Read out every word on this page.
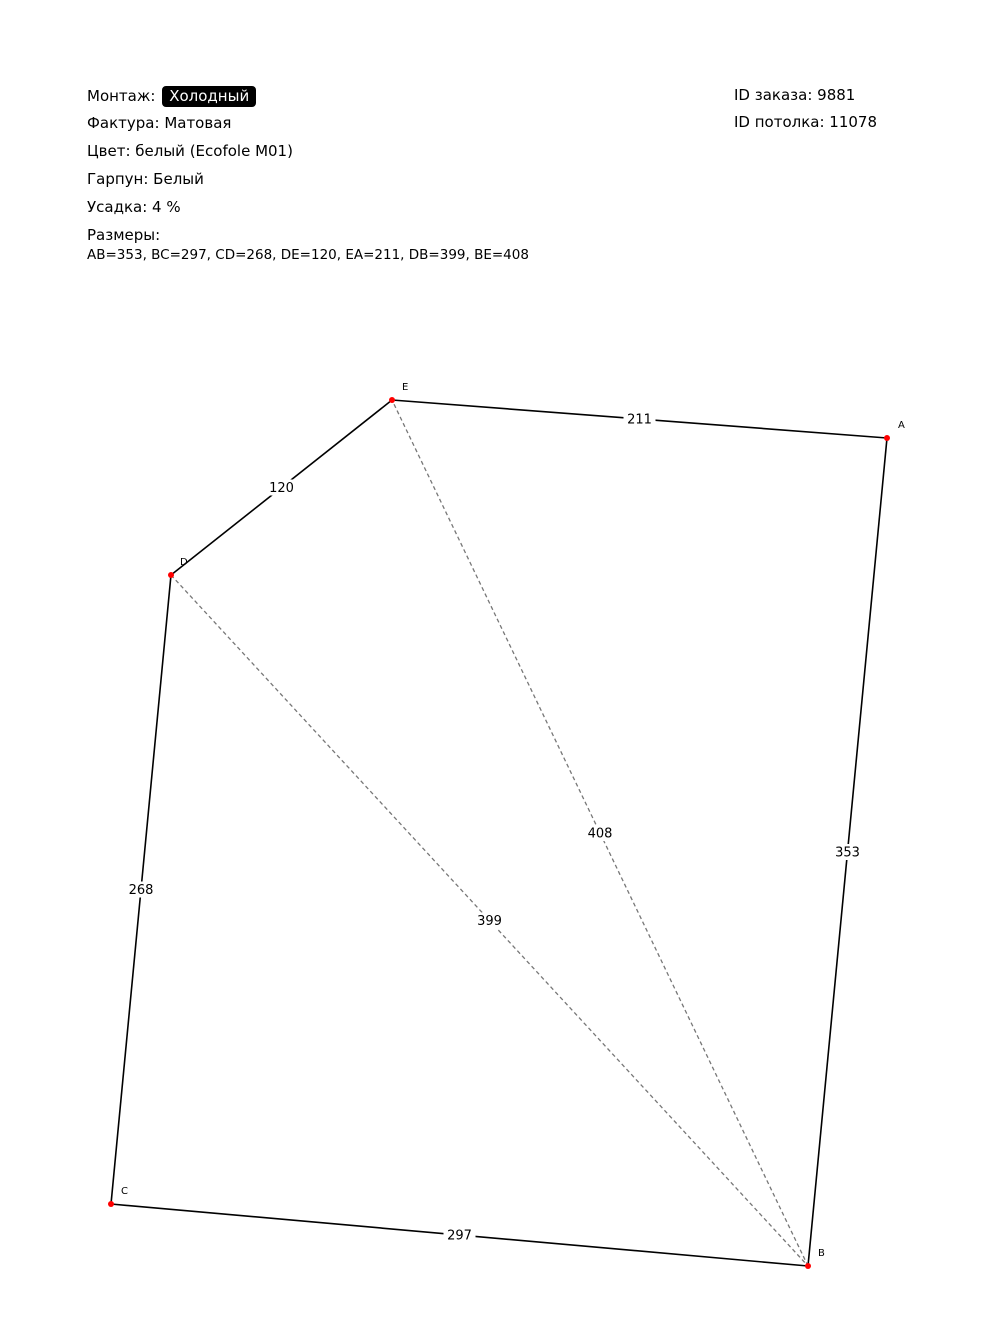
Монтаж: Холодный
Фактура: Матовая
Цвет: белый (Ecofole M01)
Гарпун: Белый
Усадка: 4 %
Размеры:
AB=353, BC=297, CD=268, DE=120, EA=211, DB=399, BE=408
ID заказа: 9881
ID потолка: 11078
399
408
353
297
268
120
211	A
B
C
D
E
